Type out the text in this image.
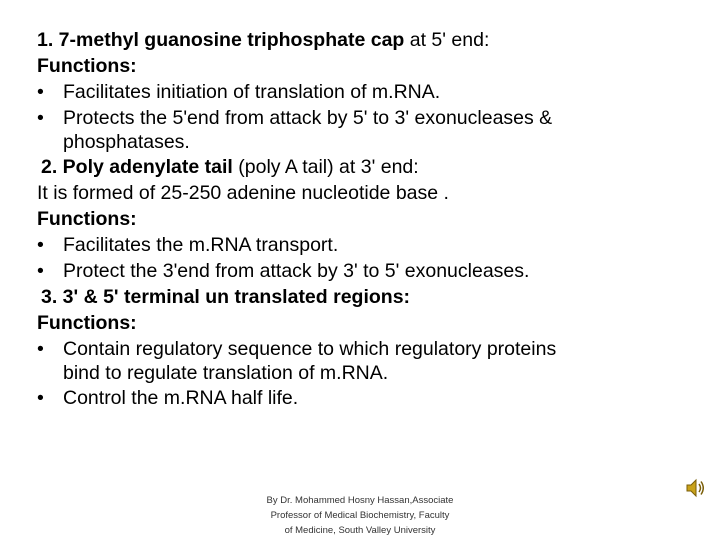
1. 7-methyl guanosine triphosphate cap at 5' end:
Functions:
• Facilitates initiation of translation of m.RNA.
• Protects the 5'end from attack by 5' to 3' exonucleases &
phosphatases.
2. Poly adenylate tail (poly A tail) at 3' end:
It is formed of 25-250 adenine nucleotide base .
Functions:
• Facilitates the m.RNA transport.
• Protect the 3'end from attack by 3' to 5' exonucleases.
3. 3' & 5' terminal un translated regions:
Functions:
• Contain regulatory sequence to which regulatory proteins
bind to regulate translation of m.RNA.
• Control the m.RNA half life.
By Dr. Mohammed Hosny Hassan,Associate
Professor of Medical Biochemistry, Faculty
of Medicine, South Valley University
